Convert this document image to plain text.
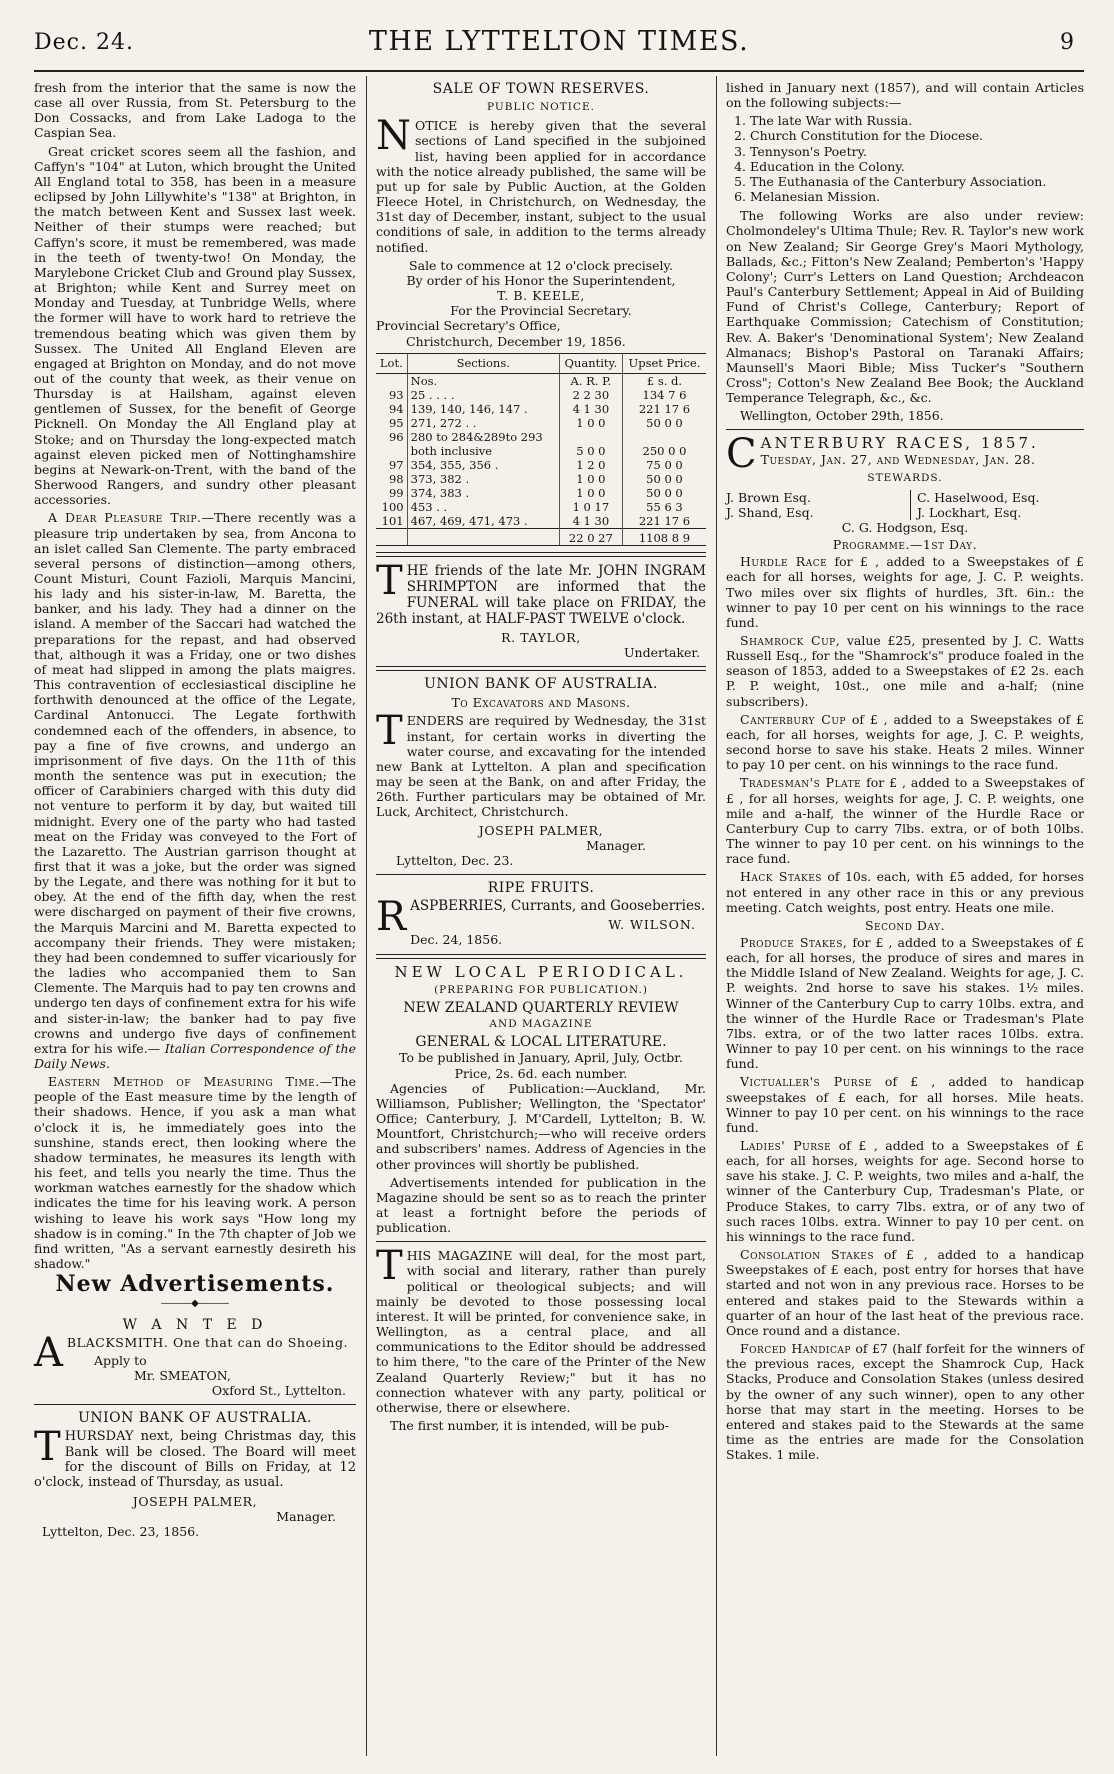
Dec. 24.	THE LYTTELTON TIMES.	9

fresh from the interior that the same is now the case all over Russia, from St. Petersburg to the Don Cossacks, and from Lake Ladoga to the Caspian Sea.

Great cricket scores seem all the fashion, and Caffyn's "104" at Luton, which brought the United All England total to 358, has been in a measure eclipsed by John Lillywhite's "138" at Brighton, in the match between Kent and Sussex last week. Neither of their stumps were reached; but Caffyn's score, it must be remembered, was made in the teeth of twenty-two! On Monday, the Marylebone Cricket Club and Ground play Sussex, at Brighton; while Kent and Surrey meet on Monday and Tuesday, at Tunbridge Wells, where the former will have to work hard to retrieve the tremendous beating which was given them by Sussex. The United All England Eleven are engaged at Brighton on Monday, and do not move out of the county that week, as their venue on Thursday is at Hailsham, against eleven gentlemen of Sussex, for the benefit of George Picknell. On Monday the All England play at Stoke; and on Thursday the long-expected match against eleven picked men of Nottinghamshire begins at Newark-on-Trent, with the band of the Sherwood Rangers, and sundry other pleasant accessories.

A Dear Pleasure Trip.—There recently was a pleasure trip undertaken by sea, from Ancona to an islet called San Clemente. The party embraced several persons of distinction—among others, Count Misturi, Count Fazioli, Marquis Mancini, his lady and his sister-in-law, M. Baretta, the banker, and his lady. They had a dinner on the island. A member of the Saccari had watched the preparations for the repast, and had observed that, although it was a Friday, one or two dishes of meat had slipped in among the plats maigres. This contravention of ecclesiastical discipline he forthwith denounced at the office of the Legate, Cardinal Antonucci. The Legate forthwith condemned each of the offenders, in absence, to pay a fine of five crowns, and undergo an imprisonment of five days. On the 11th of this month the sentence was put in execution; the officer of Carabiniers charged with this duty did not venture to perform it by day, but waited till midnight. Every one of the party who had tasted meat on the Friday was conveyed to the Fort of the Lazaretto. The Austrian garrison thought at first that it was a joke, but the order was signed by the Legate, and there was nothing for it but to obey. At the end of the fifth day, when the rest were discharged on payment of their five crowns, the Marquis Marcini and M. Baretta expected to accompany their friends. They were mistaken; they had been condemned to suffer vicariously for the ladies who accompanied them to San Clemente. The Marquis had to pay ten crowns and undergo ten days of confinement extra for his wife and sister-in-law; the banker had to pay five crowns and undergo five days of confinement extra for his wife.— Italian Correspondence of the Daily News.

Eastern Method of Measuring Time.—The people of the East measure time by the length of their shadows. Hence, if you ask a man what o'clock it is, he immediately goes into the sunshine, stands erect, then looking where the shadow terminates, he measures its length with his feet, and tells you nearly the time. Thus the workman watches earnestly for the shadow which indicates the time for his leaving work. A person wishing to leave his work says "How long my shadow is in coming." In the 7th chapter of Job we find written, "As a servant earnestly desireth his shadow."

New Advertisements.
―――◆―――
W A N T E D
ABLACKSMITH. One that can do Shoeing.
Apply to
Mr. SMEATON,
Oxford St., Lyttelton.
UNION BANK OF AUSTRALIA.
THURSDAY next, being Christmas day, this Bank will be closed. The Board will meet for the discount of Bills on Friday, at 12 o'clock, instead of Thursday, as usual.
JOSEPH PALMER,
Manager.
Lyttelton, Dec. 23, 1856.
SALE OF TOWN RESERVES.
PUBLIC NOTICE.
NOTICE is hereby given that the several sections of Land specified in the subjoined list, having been applied for in accordance with the notice already published, the same will be put up for sale by Public Auction, at the Golden Fleece Hotel, in Christchurch, on Wednesday, the 31st day of December, instant, subject to the usual conditions of sale, in addition to the terms already notified.
Sale to commence at 12 o'clock precisely.
By order of his Honor the Superintendent,
T. B. KEELE,
For the Provincial Secretary.
Provincial Secretary's Office,
Christchurch, December 19, 1856.
Lot.	Sections.	Quantity.	Upset Price.
	Nos.	A. R. P.	£ s. d.
93	25 . . . .	2 2 30	134 7 6
94	139, 140, 146, 147 .	4 1 30	221 17 6
95	271, 272 . .	1 0 0	50 0 0
96	280 to 284&289to 293		
	both inclusive	5 0 0	250 0 0
97	354, 355, 356 .	1 2 0	75 0 0
98	373, 382 .	1 0 0	50 0 0
99	374, 383 .	1 0 0	50 0 0
100	453 . .	1 0 17	55 6 3
101	467, 469, 471, 473 .	4 1 30	221 17 6
		22 0 27	1108 8 9
THE friends of the late Mr. JOHN INGRAM SHRIMPTON are informed that the FUNERAL will take place on FRIDAY, the 26th instant, at HALF-PAST TWELVE o'clock.
R. TAYLOR,
Undertaker.
UNION BANK OF AUSTRALIA.
To Excavators and Masons.
TENDERS are required by Wednesday, the 31st instant, for certain works in diverting the water course, and excavating for the intended new Bank at Lyttelton. A plan and specification may be seen at the Bank, on and after Friday, the 26th. Further particulars may be obtained of Mr. Luck, Architect, Christchurch.
JOSEPH PALMER,
Manager.
Lyttelton, Dec. 23.
RIPE FRUITS.
RASPBERRIES, Currants, and Gooseberries.
W. WILSON.
Dec. 24, 1856.
NEW LOCAL PERIODICAL.
(PREPARING FOR PUBLICATION.)
NEW ZEALAND QUARTERLY REVIEW
AND MAGAZINE
GENERAL & LOCAL LITERATURE.
To be published in January, April, July, Octbr.
Price, 2s. 6d. each number.

Agencies of Publication:—Auckland, Mr. Williamson, Publisher; Wellington, the 'Spectator' Office; Canterbury, J. M'Cardell, Lyttelton; B. W. Mountfort, Christchurch;—who will receive orders and subscribers' names. Address of Agencies in the other provinces will shortly be published.

Advertisements intended for publication in the Magazine should be sent so as to reach the printer at least a fortnight before the periods of publication.

THIS MAGAZINE will deal, for the most part, with social and literary, rather than purely political or theological subjects; and will mainly be devoted to those possessing local interest. It will be printed, for convenience sake, in Wellington, as a central place, and all communications to the Editor should be addressed to him there, "to the care of the Printer of the New Zealand Quarterly Review;" but it has no connection whatever with any party, political or otherwise, there or elsewhere.

The first number, it is intended, will be pub-

lished in January next (1857), and will contain Articles on the following subjects:—

1. The late War with Russia.
2. Church Constitution for the Diocese.
3. Tennyson's Poetry.
4. Education in the Colony.
5. The Euthanasia of the Canterbury Association.
6. Melanesian Mission.

The following Works are also under review: Cholmondeley's Ultima Thule; Rev. R. Taylor's new work on New Zealand; Sir George Grey's Maori Mythology, Ballads, &c.; Fitton's New Zealand; Pemberton's 'Happy Colony'; Curr's Letters on Land Question; Archdeacon Paul's Canterbury Settlement; Appeal in Aid of Building Fund of Christ's College, Canterbury; Report of Earthquake Commission; Catechism of Constitution; Rev. A. Baker's 'Denominational System'; New Zealand Almanacs; Bishop's Pastoral on Taranaki Affairs; Maunsell's Maori Bible; Miss Tucker's "Southern Cross"; Cotton's New Zealand Bee Book; the Auckland Temperance Telegraph, &c., &c.

Wellington, October 29th, 1856.

CANTERBURY RACES, 1857.
Tuesday, Jan. 27, and Wednesday, Jan. 28.
STEWARDS.
J. Brown Esq.	C. Haselwood, Esq.
J. Shand, Esq.	J. Lockhart, Esq.
C. G. Hodgson, Esq.
Programme.—1st Day.

Hurdle Race for £ , added to a Sweepstakes of £ each for all horses, weights for age, J. C. P. weights. Two miles over six flights of hurdles, 3ft. 6in.: the winner to pay 10 per cent on his winnings to the race fund.

Shamrock Cup, value £25, presented by J. C. Watts Russell Esq., for the "Shamrock's" produce foaled in the season of 1853, added to a Sweepstakes of £2 2s. each P. P. weight, 10st., one mile and a-half; (nine subscribers).

Canterbury Cup of £ , added to a Sweepstakes of £ each, for all horses, weights for age, J. C. P. weights, second horse to save his stake. Heats 2 miles. Winner to pay 10 per cent. on his winnings to the race fund.

Tradesman's Plate for £ , added to a Sweepstakes of £ , for all horses, weights for age, J. C. P. weights, one mile and a-half, the winner of the Hurdle Race or Canterbury Cup to carry 7lbs. extra, or of both 10lbs. The winner to pay 10 per cent. on his winnings to the race fund.

Hack Stakes of 10s. each, with £5 added, for horses not entered in any other race in this or any previous meeting. Catch weights, post entry. Heats one mile.

Second Day.

Produce Stakes, for £ , added to a Sweepstakes of £ each, for all horses, the produce of sires and mares in the Middle Island of New Zealand. Weights for age, J. C. P. weights. 2nd horse to save his stakes. 1½ miles. Winner of the Canterbury Cup to carry 10lbs. extra, and the winner of the Hurdle Race or Tradesman's Plate 7lbs. extra, or of the two latter races 10lbs. extra. Winner to pay 10 per cent. on his winnings to the race fund.

Victualler's Purse of £ , added to handicap sweepstakes of £ each, for all horses. Mile heats. Winner to pay 10 per cent. on his winnings to the race fund.

Ladies' Purse of £ , added to a Sweepstakes of £ each, for all horses, weights for age. Second horse to save his stake. J. C. P. weights, two miles and a-half, the winner of the Canterbury Cup, Tradesman's Plate, or Produce Stakes, to carry 7lbs. extra, or of any two of such races 10lbs. extra. Winner to pay 10 per cent. on his winnings to the race fund.

Consolation Stakes of £ , added to a handicap Sweepstakes of £ each, post entry for horses that have started and not won in any previous race. Horses to be entered and stakes paid to the Stewards within a quarter of an hour of the last heat of the previous race. Once round and a distance.

Forced Handicap of £7 (half forfeit for the winners of the previous races, except the Shamrock Cup, Hack Stacks, Produce and Consolation Stakes (unless desired by the owner of any such winner), open to any other horse that may start in the meeting. Horses to be entered and stakes paid to the Stewards at the same time as the entries are made for the Consolation Stakes. 1 mile.
